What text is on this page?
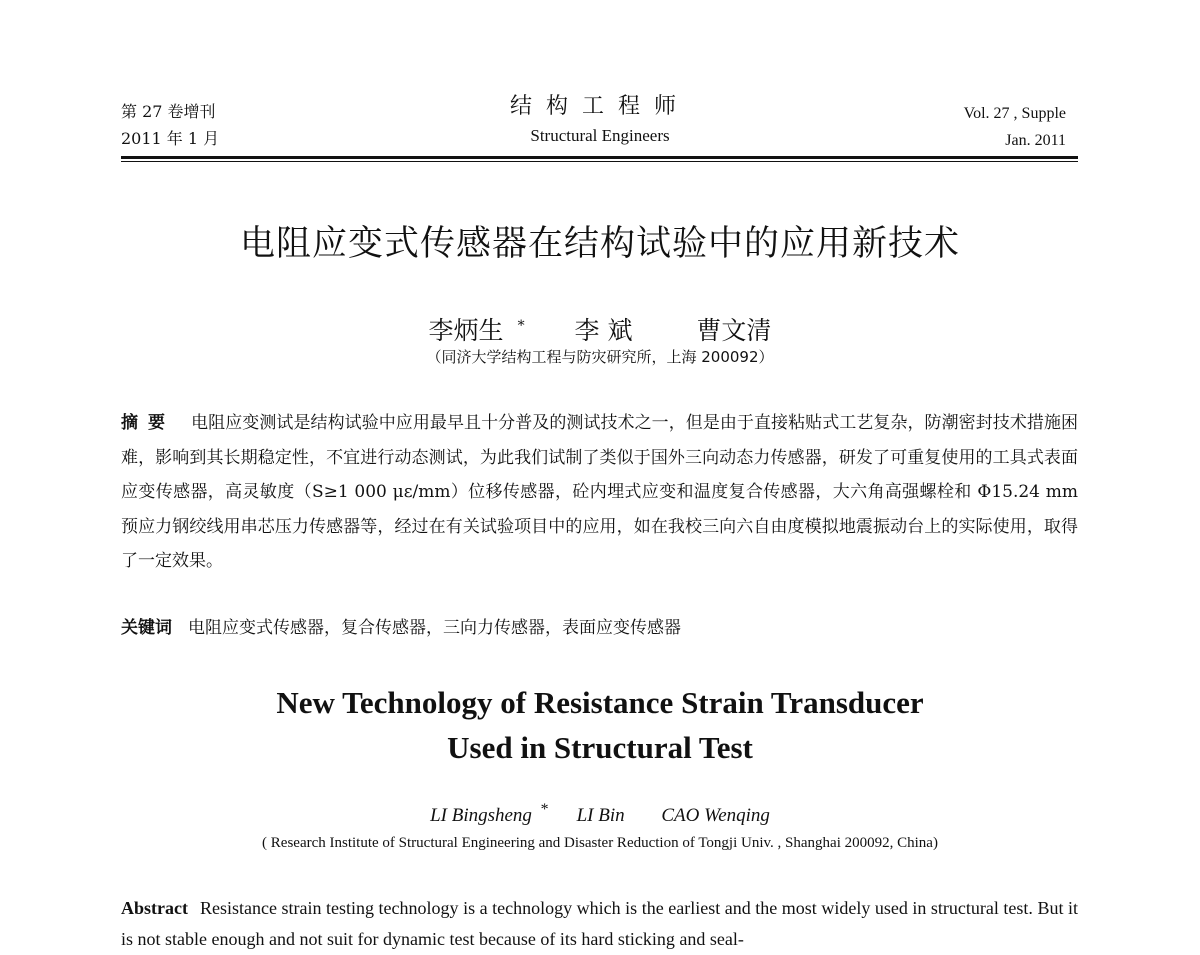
第 27 卷增刊
2011 年 1 月
结构工程师
Structural Engineers
Vol. 27 , Supple
Jan. 2011
电阻应变式传感器在结构试验中的应用新技术
李炳生 * 李 斌	曹文清
（同济大学结构工程与防灾研究所，上海 200092）
摘要 电阻应变测试是结构试验中应用最早且十分普及的测试技术之一，但是由于直接粘贴式工艺复杂，防潮密封技术措施困难，影响到其长期稳定性，不宜进行动态测试，为此我们试制了类似于国外三向动态力传感器，研发了可重复使用的工具式表面应变传感器，高灵敏度（S≥1 000 με/mm）位移传感器，砼内埋式应变和温度复合传感器，大六角高强螺栓和 Φ15.24 mm 预应力钢绞线用串芯压力传感器等，经过在有关试验项目中的应用，如在我校三向六自由度模拟地震振动台上的实际使用，取得了一定效果。
关键词 电阻应变式传感器，复合传感器，三向力传感器，表面应变传感器
New Technology of Resistance Strain Transducer
Used in Structural Test
LI Bingsheng * LI Bin CAO Wenqing
( Research Institute of Structural Engineering and Disaster Reduction of Tongji Univ. , Shanghai 200092, China)
Abstract Resistance strain testing technology is a technology which is the earliest and the most widely used in structural test. But it is not stable enough and not suit for dynamic test because of its hard sticking and seal-
